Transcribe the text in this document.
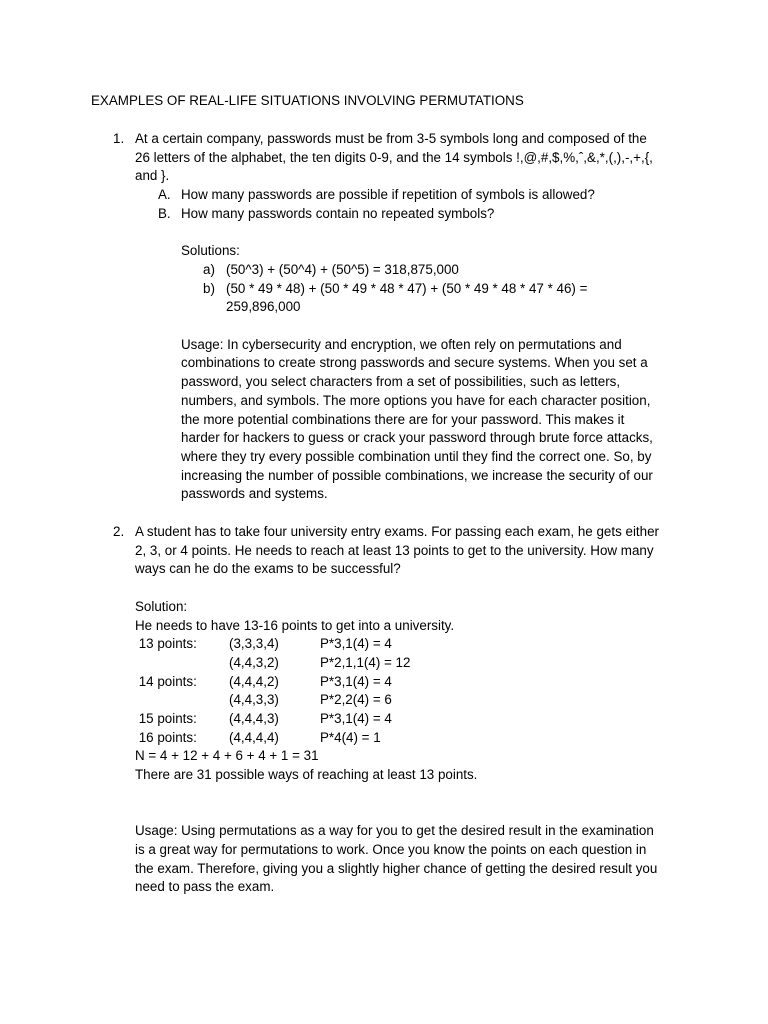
EXAMPLES OF REAL-LIFE SITUATIONS INVOLVING PERMUTATIONS
1. At a certain company, passwords must be from 3-5 symbols long and composed of the
26 letters of the alphabet, the ten digits 0-9, and the 14 symbols !,@,#,$,%,ˆ,&,*,(,),-,+,{,
and }.
A. How many passwords are possible if repetition of symbols is allowed?
B. How many passwords contain no repeated symbols?
Solutions:
a) (50^3) + (50^4) + (50^5) = 318,875,000
b) (50 * 49 * 48) + (50 * 49 * 48 * 47) + (50 * 49 * 48 * 47 * 46) =
259,896,000
Usage: In cybersecurity and encryption, we often rely on permutations and
combinations to create strong passwords and secure systems. When you set a
password, you select characters from a set of possibilities, such as letters,
numbers, and symbols. The more options you have for each character position,
the more potential combinations there are for your password. This makes it
harder for hackers to guess or crack your password through brute force attacks,
where they try every possible combination until they find the correct one. So, by
increasing the number of possible combinations, we increase the security of our
passwords and systems.
2. A student has to take four university entry exams. For passing each exam, he gets either
2, 3, or 4 points. He needs to reach at least 13 points to get to the university. How many
ways can he do the exams to be successful?
Solution:
He needs to have 13-16 points to get into a university.
13 points:	(3,3,3,4)	P*3,1(4) = 4
	(4,4,3,2)	P*2,1,1(4) = 12
14 points:	(4,4,4,2)	P*3,1(4) = 4
	(4,4,3,3)	P*2,2(4) = 6
15 points:	(4,4,4,3)	P*3,1(4) = 4
16 points:	(4,4,4,4)	P*4(4) = 1
N = 4 + 12 + 4 + 6 + 4 + 1 = 31
There are 31 possible ways of reaching at least 13 points.
Usage: Using permutations as a way for you to get the desired result in the examination
is a great way for permutations to work. Once you know the points on each question in
the exam. Therefore, giving you a slightly higher chance of getting the desired result you
need to pass the exam.
